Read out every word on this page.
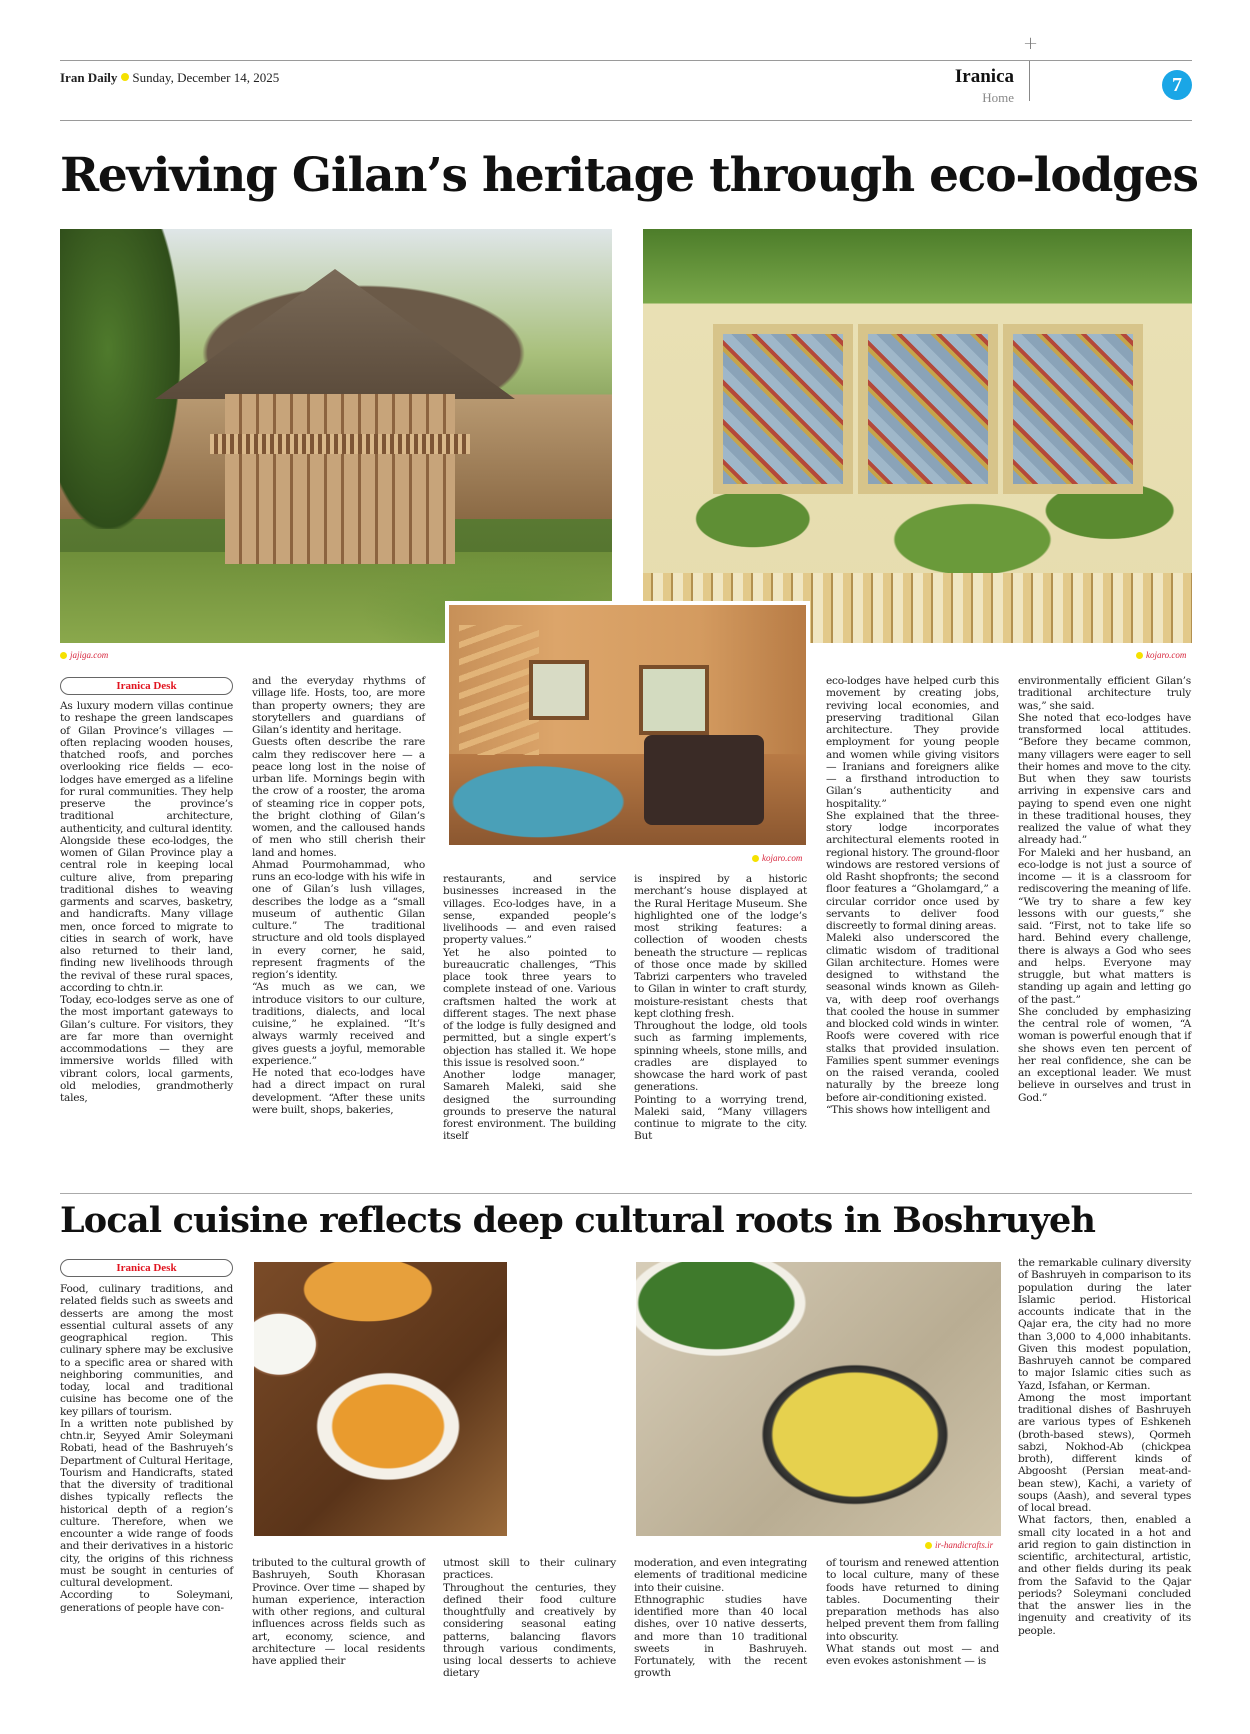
+
Iran Daily Sunday, December 14, 2025	Iranica
Home
7
Reviving Gilan’s heritage through eco-lodges
jajiga.com	kojaro.com
kojaro.com
Iranica Desk

As luxury modern villas continue to reshape the green landscapes of Gilan Province’s villages — often replacing wooden houses, thatched roofs, and porches overlooking rice fields — eco-lodges have emerged as a lifeline for rural communities. They help preserve the province’s traditional architecture, authenticity, and cultural identity.

Alongside these eco-lodges, the women of Gilan Province play a central role in keeping local culture alive, from preparing traditional dishes to weaving garments and scarves, basketry, and handicrafts. Many village men, once forced to migrate to cities in search of work, have also returned to their land, finding new livelihoods through the revival of these rural spaces, according to chtn.ir.

Today, eco-lodges serve as one of the most important gateways to Gilan’s culture. For visitors, they are far more than overnight accommodations — they are immersive worlds filled with vibrant colors, local garments, old melodies, grandmotherly tales,

and the everyday rhythms of village life. Hosts, too, are more than property owners; they are storytellers and guardians of Gilan’s identity and heritage.

Guests often describe the rare calm they rediscover here — a peace long lost in the noise of urban life. Mornings begin with the crow of a rooster, the aroma of steaming rice in copper pots, the bright clothing of Gilan’s women, and the calloused hands of men who still cherish their land and homes.

Ahmad Pourmohammad, who runs an eco-lodge with his wife in one of Gilan’s lush villages, describes the lodge as a “small museum of authentic Gilan culture.” The traditional structure and old tools displayed in every corner, he said, represent fragments of the region’s identity.

“As much as we can, we introduce visitors to our culture, traditions, dialects, and local cuisine,” he explained. “It’s always warmly received and gives guests a joyful, memorable experience.”

He noted that eco-lodges have had a direct impact on rural development. “After these units were built, shops, bakeries,

restaurants, and service businesses increased in the villages. Eco-lodges have, in a sense, expanded people’s livelihoods — and even raised property values.”

Yet he also pointed to bureaucratic challenges, “This place took three years to complete instead of one. Various craftsmen halted the work at different stages. The next phase of the lodge is fully designed and permitted, but a single expert’s objection has stalled it. We hope this issue is resolved soon.”

Another lodge manager, Samareh Maleki, said she designed the surrounding grounds to preserve the natural forest environment. The building itself

is inspired by a historic merchant’s house displayed at the Rural Heritage Museum. She highlighted one of the lodge’s most striking features: a collection of wooden chests beneath the structure — replicas of those once made by skilled Tabrizi carpenters who traveled to Gilan in winter to craft sturdy, moisture-resistant chests that kept clothing fresh.

Throughout the lodge, old tools such as farming implements, spinning wheels, stone mills, and cradles are displayed to showcase the hard work of past generations.

Pointing to a worrying trend, Maleki said, “Many villagers continue to migrate to the city. But

eco-lodges have helped curb this movement by creating jobs, reviving local economies, and preserving traditional Gilan architecture. They provide employment for young people and women while giving visitors — Iranians and foreigners alike — a firsthand introduction to Gilan’s authenticity and hospitality.”

She explained that the three-story lodge incorporates architectural elements rooted in regional history. The ground-floor windows are restored versions of old Rasht shopfronts; the second floor features a “Gholamgard,” a circular corridor once used by servants to deliver food discreetly to formal dining areas.

Maleki also underscored the climatic wisdom of traditional Gilan architecture. Homes were designed to withstand the seasonal winds known as Gileh-va, with deep roof overhangs that cooled the house in summer and blocked cold winds in winter. Roofs were covered with rice stalks that provided insulation. Families spent summer evenings on the raised veranda, cooled naturally by the breeze long before air-conditioning existed.

“This shows how intelligent and

environmentally efficient Gilan’s traditional architecture truly was,” she said.

She noted that eco-lodges have transformed local attitudes. “Before they became common, many villagers were eager to sell their homes and move to the city. But when they saw tourists arriving in expensive cars and paying to spend even one night in these traditional houses, they realized the value of what they already had.”

For Maleki and her husband, an eco-lodge is not just a source of income — it is a classroom for rediscovering the meaning of life. “We try to share a few key lessons with our guests,” she said. “First, not to take life so hard. Behind every challenge, there is always a God who sees and helps. Everyone may struggle, but what matters is standing up again and letting go of the past.”

She concluded by emphasizing the central role of women, “A woman is powerful enough that if she shows even ten percent of her real confidence, she can be an exceptional leader. We must believe in ourselves and trust in God.”

Local cuisine reflects deep cultural roots in Boshruyeh
Iranica Desk
ir-handicrafts.ir

Food, culinary traditions, and related fields such as sweets and desserts are among the most essential cultural assets of any geographical region. This culinary sphere may be exclusive to a specific area or shared with neighboring communities, and today, local and traditional cuisine has become one of the key pillars of tourism.

In a written note published by chtn.ir, Seyyed Amir Soleymani Robati, head of the Bashruyeh’s Department of Cultural Heritage, Tourism and Handicrafts, stated that the diversity of traditional dishes typically reflects the historical depth of a region’s culture. Therefore, when we encounter a wide range of foods and their derivatives in a historic city, the origins of this richness must be sought in centuries of cultural development.

According to Soleymani, generations of people have con-

tributed to the cultural growth of Bashruyeh, South Khorasan Province. Over time — shaped by human experience, interaction with other regions, and cultural influences across fields such as art, economy, science, and architecture — local residents have applied their

utmost skill to their culinary practices.

Throughout the centuries, they defined their food culture thoughtfully and creatively by considering seasonal eating patterns, balancing flavors through various condiments, using local desserts to achieve dietary

moderation, and even integrating elements of traditional medicine into their cuisine.

Ethnographic studies have identified more than 40 local dishes, over 10 native desserts, and more than 10 traditional sweets in Bashruyeh. Fortunately, with the recent growth

of tourism and renewed attention to local culture, many of these foods have returned to dining tables. Documenting their preparation methods has also helped prevent them from falling into obscurity.

What stands out most — and even evokes astonishment — is

the remarkable culinary diversity of Bashruyeh in comparison to its population during the later Islamic period. Historical accounts indicate that in the Qajar era, the city had no more than 3,000 to 4,000 inhabitants. Given this modest population, Bashruyeh cannot be compared to major Islamic cities such as Yazd, Isfahan, or Kerman.

Among the most important traditional dishes of Bashruyeh are various types of Eshkeneh (broth-based stews), Qormeh sabzi, Nokhod-Ab (chickpea broth), different kinds of Abgoosht (Persian meat-and-bean stew), Kachi, a variety of soups (Aash), and several types of local bread.

What factors, then, enabled a small city located in a hot and arid region to gain distinction in scientific, architectural, artistic, and other fields during its peak from the Safavid to the Qajar periods? Soleymani concluded that the answer lies in the ingenuity and creativity of its people.
